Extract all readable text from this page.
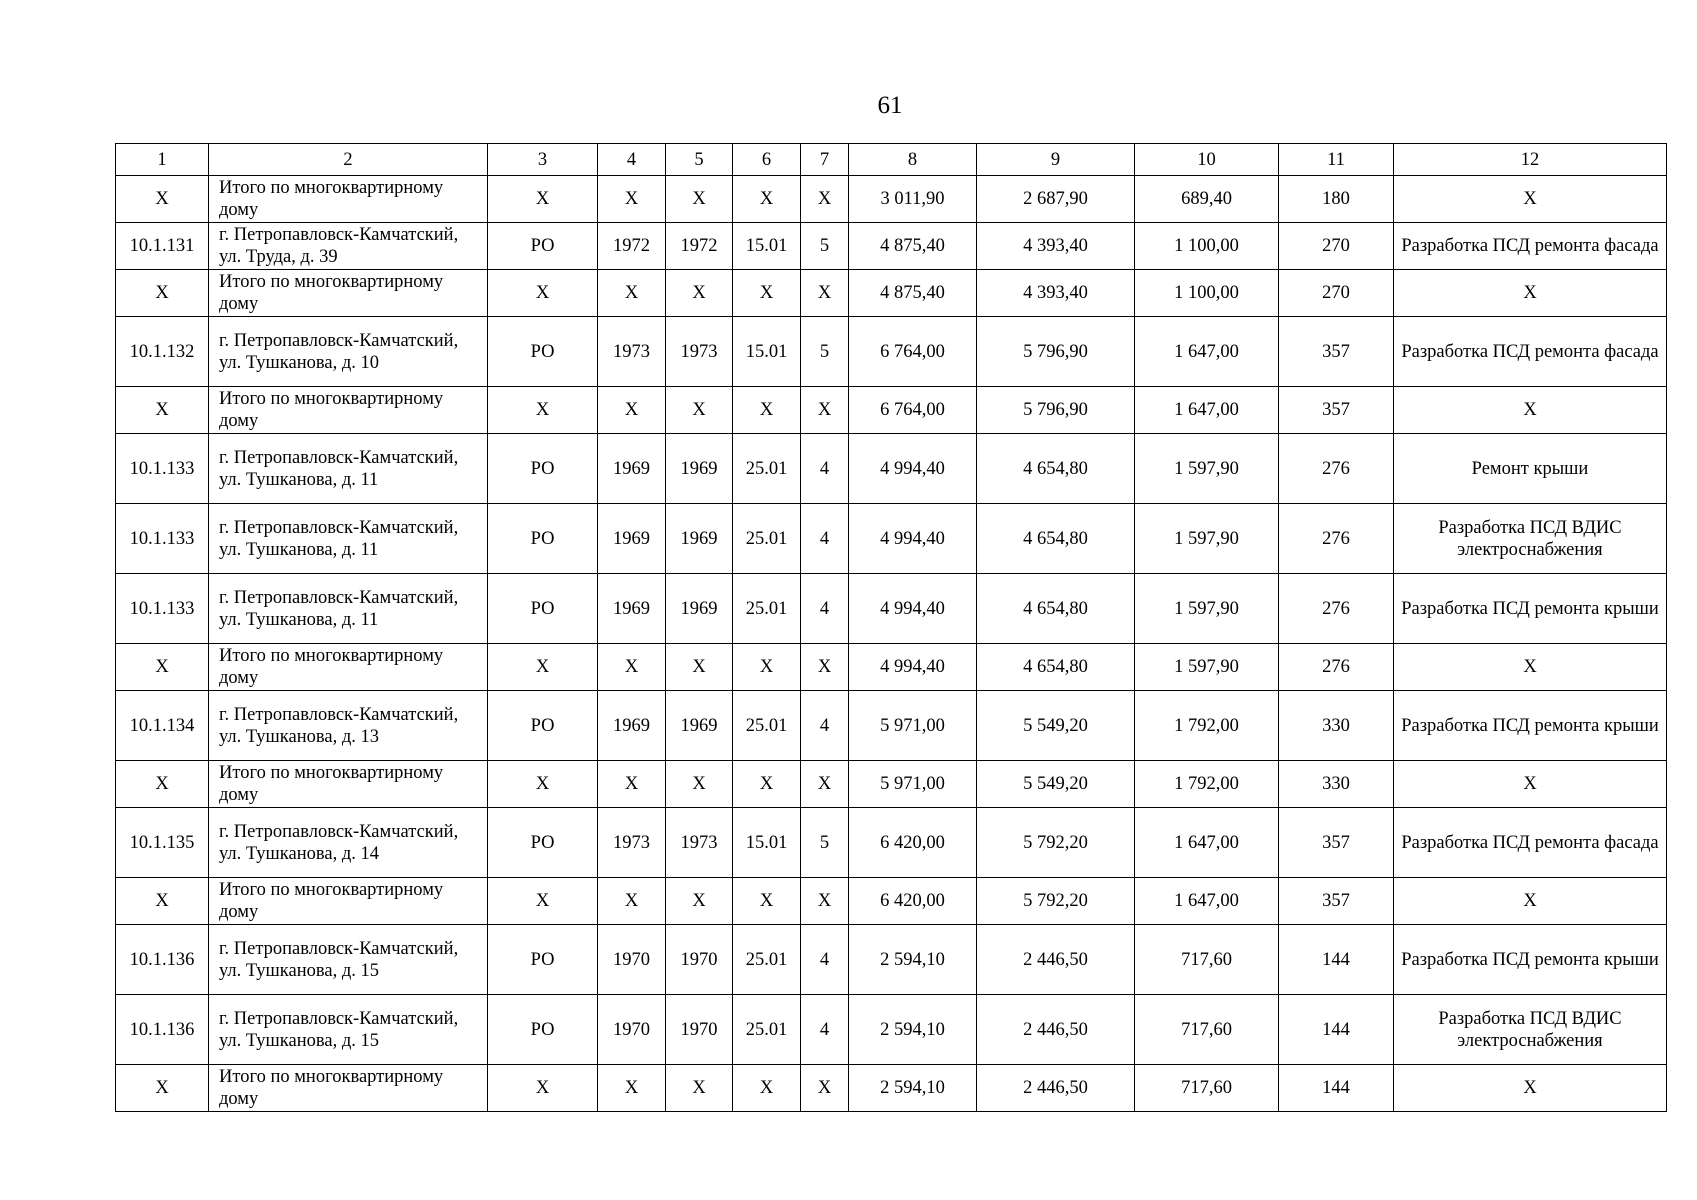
61
1	2	3	4	5	6	7	8	9	10	11	12
X	Итого по многоквартирному дому	X	X	X	X	X	3 011,90	2 687,90	689,40	180	X
10.1.131	г. Петропавловск-Камчатский, ул. Труда, д. 39	РО	1972	1972	15.01	5	4 875,40	4 393,40	1 100,00	270	Разработка ПСД ремонта фасада
X	Итого по многоквартирному дому	X	X	X	X	X	4 875,40	4 393,40	1 100,00	270	X
10.1.132	г. Петропавловск-Камчатский, ул. Тушканова, д. 10	РО	1973	1973	15.01	5	6 764,00	5 796,90	1 647,00	357	Разработка ПСД ремонта фасада
X	Итого по многоквартирному дому	X	X	X	X	X	6 764,00	5 796,90	1 647,00	357	X
10.1.133	г. Петропавловск-Камчатский, ул. Тушканова, д. 11	РО	1969	1969	25.01	4	4 994,40	4 654,80	1 597,90	276	Ремонт крыши
10.1.133	г. Петропавловск-Камчатский, ул. Тушканова, д. 11	РО	1969	1969	25.01	4	4 994,40	4 654,80	1 597,90	276	Разработка ПСД ВДИС электроснабжения
10.1.133	г. Петропавловск-Камчатский, ул. Тушканова, д. 11	РО	1969	1969	25.01	4	4 994,40	4 654,80	1 597,90	276	Разработка ПСД ремонта крыши
X	Итого по многоквартирному дому	X	X	X	X	X	4 994,40	4 654,80	1 597,90	276	X
10.1.134	г. Петропавловск-Камчатский, ул. Тушканова, д. 13	РО	1969	1969	25.01	4	5 971,00	5 549,20	1 792,00	330	Разработка ПСД ремонта крыши
X	Итого по многоквартирному дому	X	X	X	X	X	5 971,00	5 549,20	1 792,00	330	X
10.1.135	г. Петропавловск-Камчатский, ул. Тушканова, д. 14	РО	1973	1973	15.01	5	6 420,00	5 792,20	1 647,00	357	Разработка ПСД ремонта фасада
X	Итого по многоквартирному дому	X	X	X	X	X	6 420,00	5 792,20	1 647,00	357	X
10.1.136	г. Петропавловск-Камчатский, ул. Тушканова, д. 15	РО	1970	1970	25.01	4	2 594,10	2 446,50	717,60	144	Разработка ПСД ремонта крыши
10.1.136	г. Петропавловск-Камчатский, ул. Тушканова, д. 15	РО	1970	1970	25.01	4	2 594,10	2 446,50	717,60	144	Разработка ПСД ВДИС электроснабжения
X	Итого по многоквартирному дому	X	X	X	X	X	2 594,10	2 446,50	717,60	144	X
